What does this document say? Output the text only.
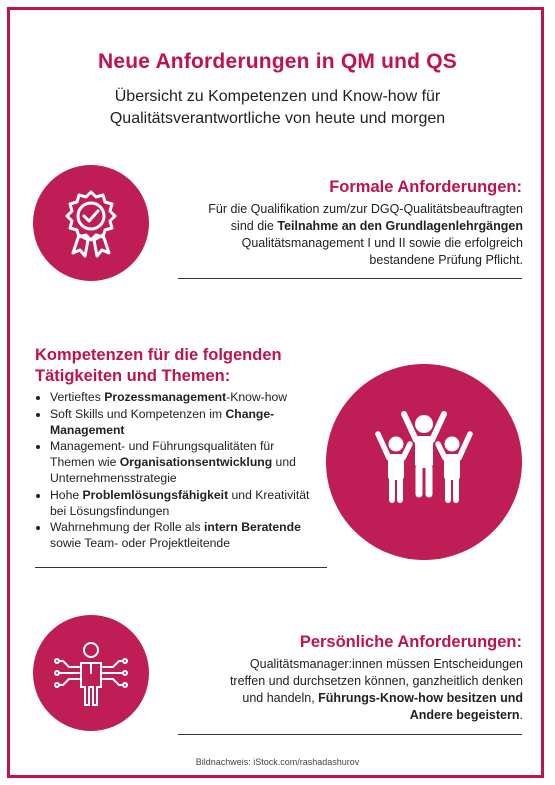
Neue Anforderungen in QM und QS
Übersicht zu Kompetenzen und Know-how für
Qualitätsverantwortliche von heute und morgen
Formale Anforderungen:
Für die Qualifikation zum/zur DGQ-Qualitätsbeauftragten sind die Teilnahme an den Grundlagenlehrgängen Qualitätsmanagement I und II sowie die erfolgreich bestandene Prüfung Pflicht.
Kompetenzen für die folgenden
Tätigkeiten und Themen:
• Vertieftes Prozessmanagement-Know-how
• Soft Skills und Kompetenzen im Change-Management
• Management- und Führungsqualitäten für Themen wie Organisationsentwicklung und Unternehmensstrategie
• Hohe Problemlösungsfähigkeit und Kreativität bei Lösungsfindungen
• Wahrnehmung der Rolle als intern Beratende sowie Team- oder Projektleitende
Persönliche Anforderungen:
Qualitätsmanager:innen müssen Entscheidungen treffen und durchsetzen können, ganzheitlich denken und handeln, Führungs-Know-how besitzen und Andere begeistern.
Bildnachweis: iStock.com/rashadashurov
